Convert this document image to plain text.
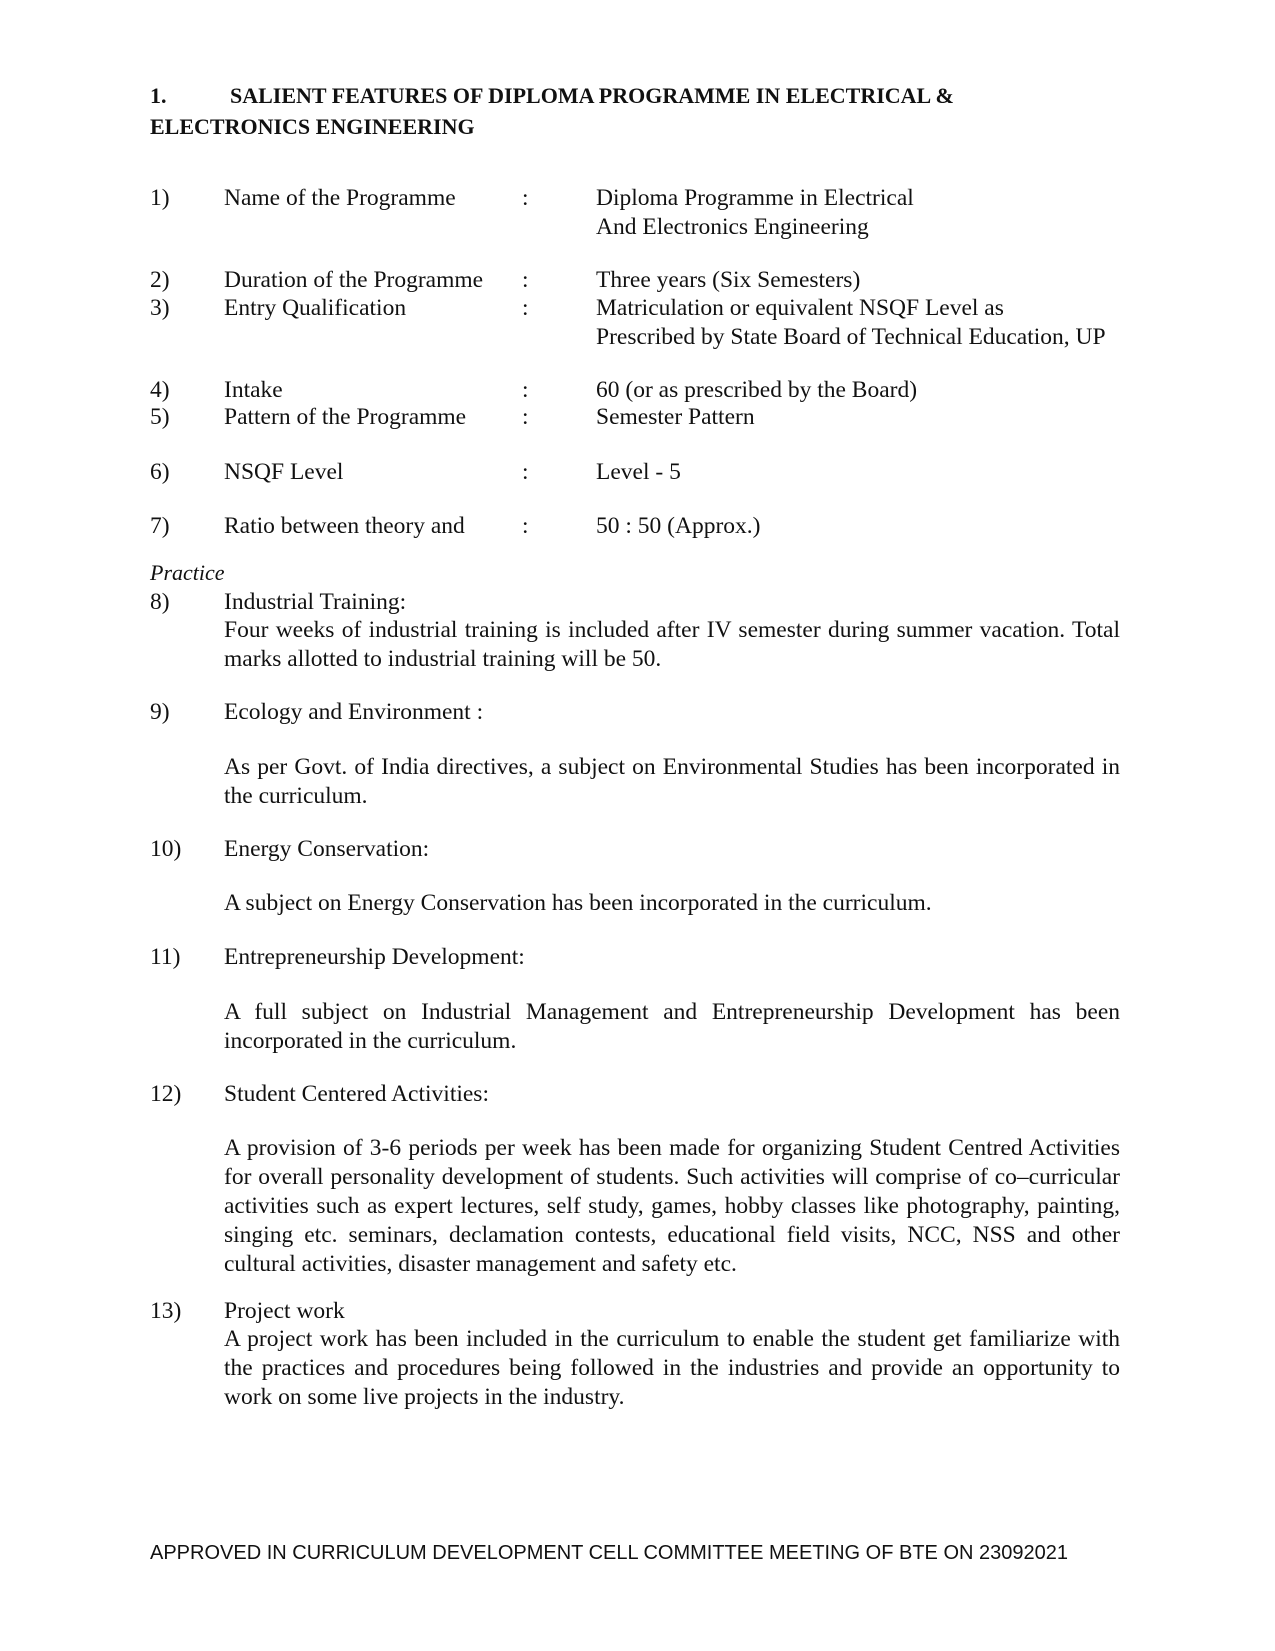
1.	SALIENT FEATURES OF DIPLOMA PROGRAMME IN ELECTRICAL &
ELECTRONICS ENGINEERING
1) Name of the Programme	:	Diploma Programme in Electrical
And Electronics Engineering
2) Duration of the Programme :	Three years (Six Semesters)
3) Entry Qualification	:	Matriculation or equivalent NSQF Level as
Prescribed by State Board of Technical Education, UP
4) Intake	:	60 (or as prescribed by the Board)
5) Pattern of the Programme :	Semester Pattern
6) NSQF Level	:	Level - 5
7) Ratio between theory and :	50 : 50 (Approx.)
Practice
8) Industrial Training:
Four weeks of industrial training is included after IV semester during summer vacation. Total marks allotted to industrial training will be 50.
9) Ecology and Environment :
As per Govt. of India directives, a subject on Environmental Studies has been incorporated in the curriculum.
10) Energy Conservation:
A subject on Energy Conservation has been incorporated in the curriculum.
11) Entrepreneurship Development:
A full subject on Industrial Management and Entrepreneurship Development has been incorporated in the curriculum.
12) Student Centered Activities:
A provision of 3-6 periods per week has been made for organizing Student Centred Activities for overall personality development of students. Such activities will comprise of co–curricular activities such as expert lectures, self study, games, hobby classes like photography, painting, singing etc. seminars, declamation contests, educational field visits, NCC, NSS and other cultural activities, disaster management and safety etc.
13) Project work
A project work has been included in the curriculum to enable the student get familiarize with the practices and procedures being followed in the industries and provide an opportunity to work on some live projects in the industry.
APPROVED IN CURRICULUM DEVELOPMENT CELL COMMITTEE MEETING OF BTE ON 23092021
